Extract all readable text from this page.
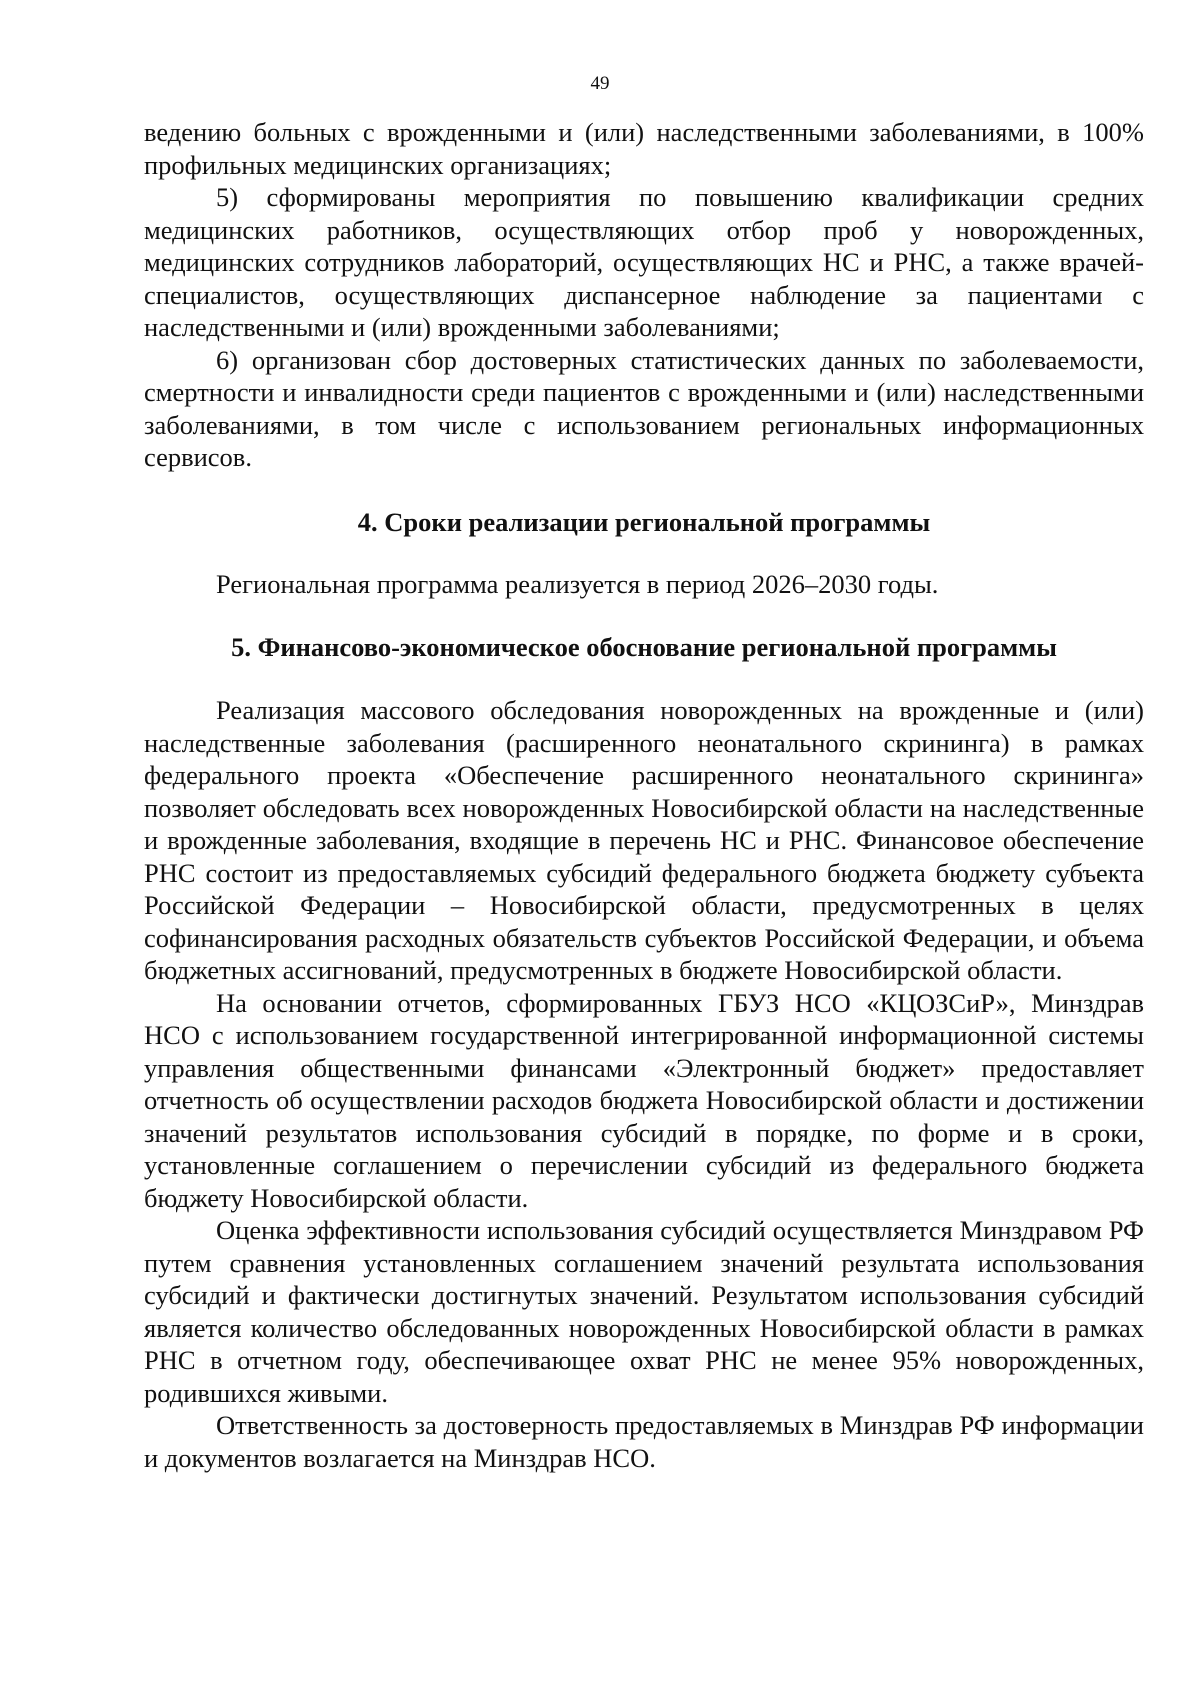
49

ведению больных с врожденными и (или) наследственными заболеваниями, в 100% профильных медицинских организациях;

5) сформированы мероприятия по повышению квалификации средних медицинских работников, осуществляющих отбор проб у новорожденных, медицинских сотрудников лабораторий, осуществляющих НС и РНС, а также врачей-специалистов, осуществляющих диспансерное наблюдение за пациентами с наследственными и (или) врожденными заболеваниями;

6) организован сбор достоверных статистических данных по заболеваемости, смертности и инвалидности среди пациентов с врожденными и (или) наследственными заболеваниями, в том числе с использованием региональных информационных сервисов.

4. Сроки реализации региональной программы

Региональная программа реализуется в период 2026–2030 годы.

5. Финансово-экономическое обоснование региональной программы

Реализация массового обследования новорожденных на врожденные и (или) наследственные заболевания (расширенного неонатального скрининга) в рамках федерального проекта «Обеспечение расширенного неонатального скрининга» позволяет обследовать всех новорожденных Новосибирской области на наследственные и врожденные заболевания, входящие в перечень НС и РНС. Финансовое обеспечение РНС состоит из предоставляемых субсидий федерального бюджета бюджету субъекта Российской Федерации – Новосибирской области, предусмотренных в целях софинансирования расходных обязательств субъектов Российской Федерации, и объема бюджетных ассигнований, предусмотренных в бюджете Новосибирской области.

На основании отчетов, сформированных ГБУЗ НСО «КЦОЗСиР», Минздрав НСО с использованием государственной интегрированной информационной системы управления общественными финансами «Электронный бюджет» предоставляет отчетность об осуществлении расходов бюджета Новосибирской области и достижении значений результатов использования субсидий в порядке, по форме и в сроки, установленные соглашением о перечислении субсидий из федерального бюджета бюджету Новосибирской области.

Оценка эффективности использования субсидий осуществляется Минздравом РФ путем сравнения установленных соглашением значений результата использования субсидий и фактически достигнутых значений. Результатом использования субсидий является количество обследованных новорожденных Новосибирской области в рамках РНС в отчетном году, обеспечивающее охват РНС не менее 95% новорожденных, родившихся живыми.

Ответственность за достоверность предоставляемых в Минздрав РФ информации и документов возлагается на Минздрав НСО.
